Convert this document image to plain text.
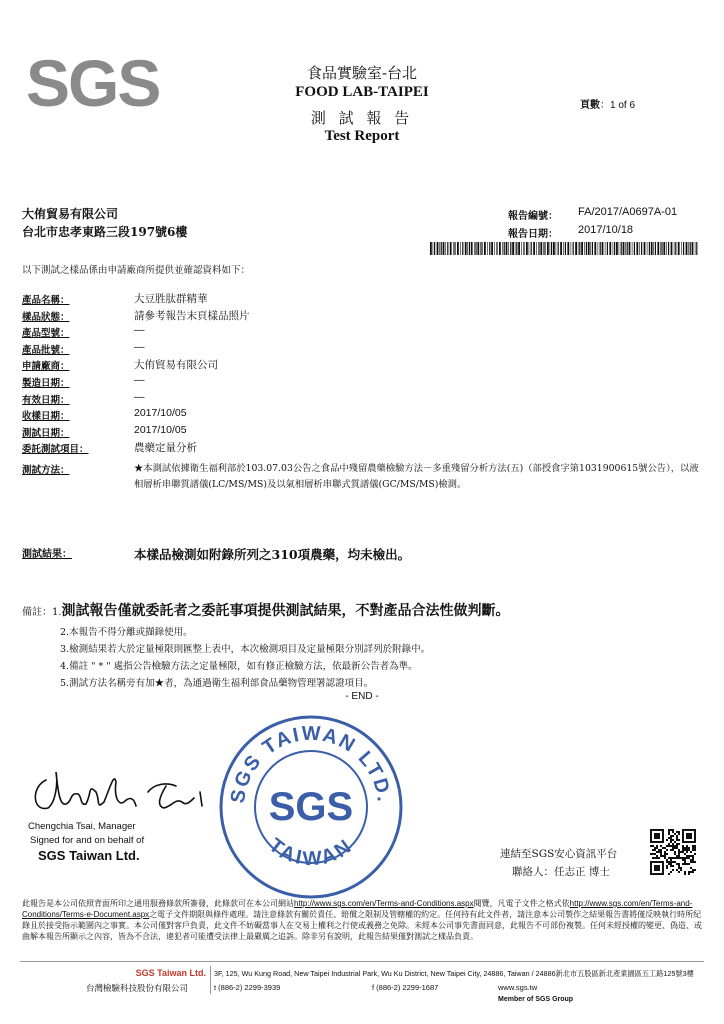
SGS	食品實驗室-台北
FOOD LAB-TAIPEI
測 試 報 告
Test Report
頁數：1 of 6
大侑貿易有限公司
台北市忠孝東路三段197號6樓
報告編號： FA/2017/A0697A-01
報告日期： 2017/10/18
以下測試之樣品係由申請廠商所提供並確認資料如下：
產品名稱：	大豆胜肽群精華
樣品狀態：	請參考報告末頁樣品照片
產品型號：	—
產品批號：	—
申請廠商：	大侑貿易有限公司
製造日期：	—
有效日期：	—
收樣日期：	2017/10/05
測試日期：	2017/10/05
委託測試項目：	農藥定量分析
測試方法：	★本測試依據衛生福利部於103.07.03公告之食品中殘留農藥檢驗方法－多重殘留分析方法(五)（部授食字第1031900615號公告），以液相層析串聯質譜儀(LC/MS/MS)及以氣相層析串聯式質譜儀(GC/MS/MS)檢測。
測試結果：	本樣品檢測如附錄所列之310項農藥，均未檢出。
備註：1.測試報告僅就委託者之委託事項提供測試結果，不對產品合法性做判斷。
2.本報告不得分離或擷錄使用。
3.檢測結果若大於定量極限則匯整上表中，本次檢測項目及定量極限分別詳列於附錄中。
4.備註 " * " 處指公告檢驗方法之定量極限，如有修正檢驗方法，依最新公告者為準。
5.測試方法名稱旁有加★者，為通過衛生福利部食品藥物管理署認證項目。
- END -
SGS TAIWAN LTD.
TAIWAN
SGS
Chengchia Tsai
Chengchia Tsai, Manager
Signed for and on behalf of
SGS Taiwan Ltd.	連結至SGS安心資訊平台
聯絡人：任志正 博士
此報告是本公司依照背面所印之通用服務條款所簽發，此條款可在本公司網站http://www.sgs.com/en/Terms-and-Conditions.aspx閱覽，凡電子文件之格式依http://www.sgs.com/en/Terms-and-Conditions/Terms-e-Document.aspx之電子文件期限與條件處理。請注意條款有關於責任、賠償之限制及管轄權的約定。任何持有此文件者，請注意本公司製作之結果報告書將僅反映執行時所紀錄且於接受指示範圍內之事實。本公司僅對客戶負責，此文件不妨礙當事人在交易上權利之行使或義務之免除。未經本公司事先書面同意，此報告不可部份複製。任何未經授權的變更、偽造、或曲解本報告所顯示之內容，皆為不合法，違犯者可能遭受法律上最嚴厲之追訴。除非另有說明，此報告結果僅對測試之樣品負責。
SGS Taiwan Ltd.
台灣檢驗科技股份有限公司
3F, 125, Wu Kung Road, New Taipei Industrial Park, Wu Ku District, New Taipei City, 24886, Taiwan / 24886新北市五股區新北產業園區五工路125號3樓
t (886-2) 2299-3939	f (886-2) 2299-1687	www.sgs.tw
Member of SGS Group
